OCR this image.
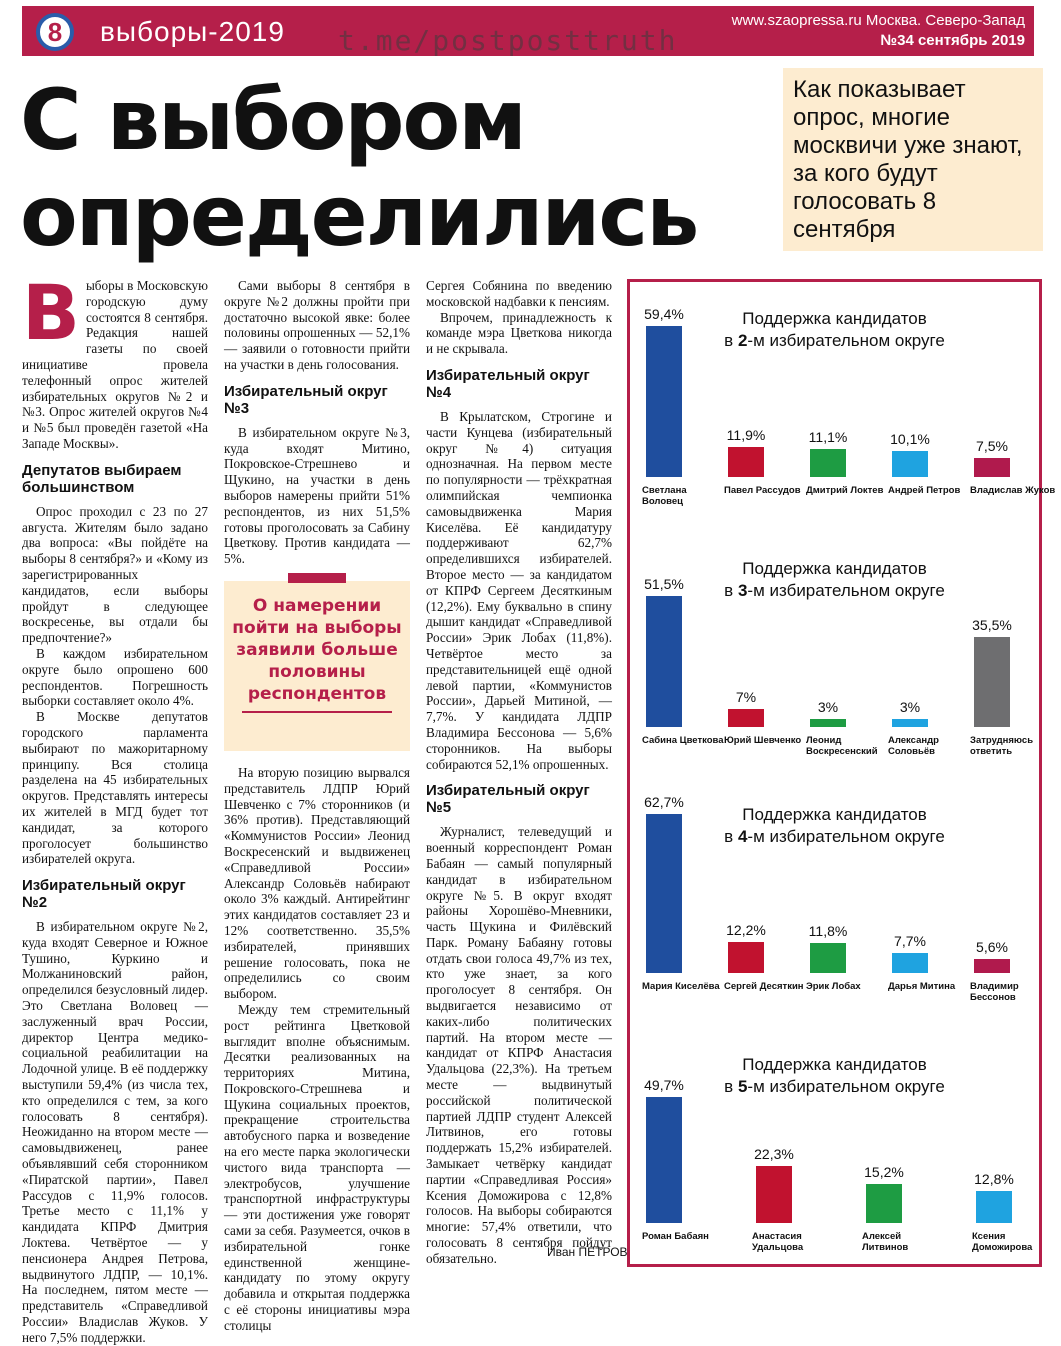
8	выборы-2019	www.szaopressa.ru Москва. Северо-Запад
№34 сентябрь 2019
t.me/postposttruth
С выбором
определились
Как показывает опрос, многие москвичи уже знают, за кого будут голосовать 8 сентября

Выборы в Московскую городскую думу состоятся 8 сентября. Редакция нашей газеты по своей инициативе провела телефонный опрос жителей избирательных округов №2 и №3. Опрос жителей округов №4 и №5 был проведён газетой «На Западе Москвы».

Депутатов выбираем большинством

Опрос проходил с 23 по 27 августа. Жителям было задано два вопроса: «Вы пойдёте на выборы 8 сентября?» и «Кому из зарегистрированных кандидатов, если выборы пройдут в следующее воскресенье, вы отдали бы предпочтение?»

В каждом избирательном округе было опрошено 600 респондентов. Погрешность выборки составляет около 4%.

В Москве депутатов городского парламента выбирают по мажоритарному принципу. Вся столица разделена на 45 избирательных округов. Представлять интересы их жителей в МГД будет тот кандидат, за которого проголосует большинство избирателей округа.

Избирательный округ №2

В избирательном округе №2, куда входят Северное и Южное Тушино, Куркино и Молжаниновский район, определился безусловный лидер. Это Светлана Воловец — заслуженный врач России, директор Центра медико-социальной реабилитации на Лодочной улице. В её поддержку выступили 59,4% (из числа тех, кто определился с тем, за кого голосовать 8 сентября). Неожиданно на втором месте — самовыдвиженец, ранее объявлявший себя сторонником «Пиратской партии», Павел Рассудов с 11,9% голосов. Третье место с 11,1% у кандидата КПРФ Дмитрия Локтева. Четвёртое — у пенсионера Андрея Петрова, выдвинутого ЛДПР, — 10,1%. На последнем, пятом месте — представитель «Справедливой России» Владислав Жуков. У него 7,5% поддержки.

Сами выборы 8 сентября в округе №2 должны пройти при достаточно высокой явке: более половины опрошенных — 52,1% — заявили о готовности прийти на участки в день голосования.

Избирательный округ №3

В избирательном округе №3, куда входят Митино, Покровское-Стрешнево и Щукино, на участки в день выборов намерены прийти 51% респондентов, из них 51,5% готовы проголосовать за Сабину Цветкову. Против кандидата — 5%.

О намерении пойти на выборы заявили больше половины респондентов

На вторую позицию вырвался представитель ЛДПР Юрий Шевченко с 7% сторонников (и 36% против). Представляющий «Коммунистов России» Леонид Воскресенский и выдвиженец «Справедливой России» Александр Соловьёв набирают около 3% каждый. Антирейтинг этих кандидатов составляет 23 и 12% соответственно. 35,5% избирателей, принявших решение голосовать, пока не определились со своим выбором.

Между тем стремительный рост рейтинга Цветковой выглядит вполне объяснимым. Десятки реализованных на территориях Митина, Покровского-Стрешнева и Щукина социальных проектов, прекращение строительства автобусного парка и возведение на его месте парка экологически чистого вида транспорта — электробусов, улучшение транспортной инфраструктуры — эти достижения уже говорят сами за себя. Разумеется, очков в избирательной гонке единственной женщине-кандидату по этому округу добавила и открытая поддержка с её стороны инициативы мэра столицы

Сергея Собянина по введению московской надбавки к пенсиям.

Впрочем, принадлежность к команде мэра Цветкова никогда и не скрывала.

Избирательный округ №4

В Крылатском, Строгине и части Кунцева (избирательный округ №4) ситуация однозначная. На первом месте по популярности — трёхкратная олимпийская чемпионка самовыдвиженка Мария Киселёва. Её кандидатуру поддерживают 62,7% определившихся избирателей. Второе место — за кандидатом от КПРФ Сергеем Десяткиным (12,2%). Ему буквально в спину дышит кандидат «Справедливой России» Эрик Лобах (11,8%). Четвёртое место за представительницей ещё одной левой партии, «Коммунистов России», Дарьей Митиной, — 7,7%. У кандидата ЛДПР Владимира Бессонова — 5,6% сторонников. На выборы собираются 52,1% опрошенных.

Избирательный округ №5

Журналист, телеведущий и военный корреспондент Роман Бабаян — самый популярный кандидат в избирательном округе №5. В округ входят районы Хорошёво-Мневники, часть Щукина и Филёвский Парк. Роману Бабаяну готовы отдать свои голоса 49,7% из тех, кто уже знает, за кого проголосует 8 сентября. Он выдвигается независимо от каких-либо политических партий. На втором месте — кандидат от КПРФ Анастасия Удальцова (22,3%). На третьем месте — выдвинутый российской политической партией ЛДПР студент Алексей Литвинов, его готовы поддержать 15,2% избирателей. Замыкает четвёрку кандидат партии «Справедливая Россия» Ксения Доможирова с 12,8% голосов. На выборы собираются многие: 57,4% ответили, что голосовать 8 сентября пойдут обязательно.	Иван ПЕТРОВ
Поддержка кандидатов
в 2-м избирательном округе
59,4%
Светлана Воловец
11,9%
Павел Рассудов
11,1%
Дмитрий Локтев
10,1%
Андрей Петров
7,5%
Владислав Жуков
Поддержка кандидатов
в 3-м избирательном округе
51,5%
Сабина Цветкова
7%
Юрий Шевченко
3%
Леонид Воскресенский
3%
Александр Соловьёв
35,5%
Затрудняюсь ответить
Поддержка кандидатов
в 4-м избирательном округе
62,7%
Мария Киселёва
12,2%
Сергей Десяткин
11,8%
Эрик Лобах
7,7%
Дарья Митина
5,6%
Владимир Бессонов
Поддержка кандидатов
в 5-м избирательном округе
49,7%
Роман Бабаян
22,3%
Анастасия Удальцова
15,2%
Алексей Литвинов
12,8%
Ксения Доможирова
